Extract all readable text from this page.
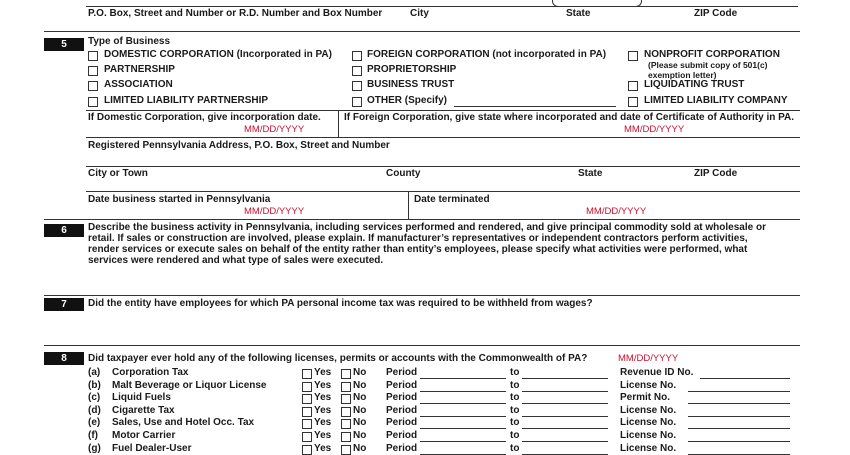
P.O. Box, Street and Number or R.D. Number and Box Number	City	State	ZIP Code
5	Type of Business
DOMESTIC CORPORATION (Incorporated in PA)
PARTNERSHIP
ASSOCIATION
LIMITED LIABILITY PARTNERSHIP
FOREIGN CORPORATION (not incorporated in PA)
PROPRIETORSHIP
BUSINESS TRUST
OTHER (Specify)
NONPROFIT CORPORATION
(Please submit copy of 501(c)
exemption letter)
LIQUIDATING TRUST
LIMITED LIABILITY COMPANY
If Domestic Corporation, give incorporation date.
MM/DD/YYYY
If Foreign Corporation, give state where incorporated and date of Certificate of Authority in PA.
MM/DD/YYYY
Registered Pennsylvania Address, P.O. Box, Street and Number
City or Town	County	State	ZIP Code
Date business started in Pennsylvania
MM/DD/YYYY
Date terminated
MM/DD/YYYY
6	Describe the business activity in Pennsylvania, including services performed and rendered, and give principal commodity sold at wholesale or
retail. If sales or construction are involved, please explain. If manufacturer’s representatives or independent contractors perform activities,
render services or execute sales on behalf of the entity rather than entity’s employees, please specify what activities were performed, what
services were rendered and what type of sales were executed.
7	Did the entity have employees for which PA personal income tax was required to be withheld from wages?
8	Did taxpayer ever hold any of the following licenses, permits or accounts with the Commonwealth of PA?	MM/DD/YYYY
(a) Corporation Tax	Yes No Period	to	Revenue ID No.
(b) Malt Beverage or Liquor License	Yes No Period	to	License No.
(c) Liquid Fuels	Yes No Period	to	Permit No.
(d) Cigarette Tax	Yes No Period	to	License No.
(e) Sales, Use and Hotel Occ. Tax	Yes No Period	to	License No.
(f) Motor Carrier	Yes No Period	to	License No.
(g) Fuel Dealer-User	Yes No Period	to	License No.
